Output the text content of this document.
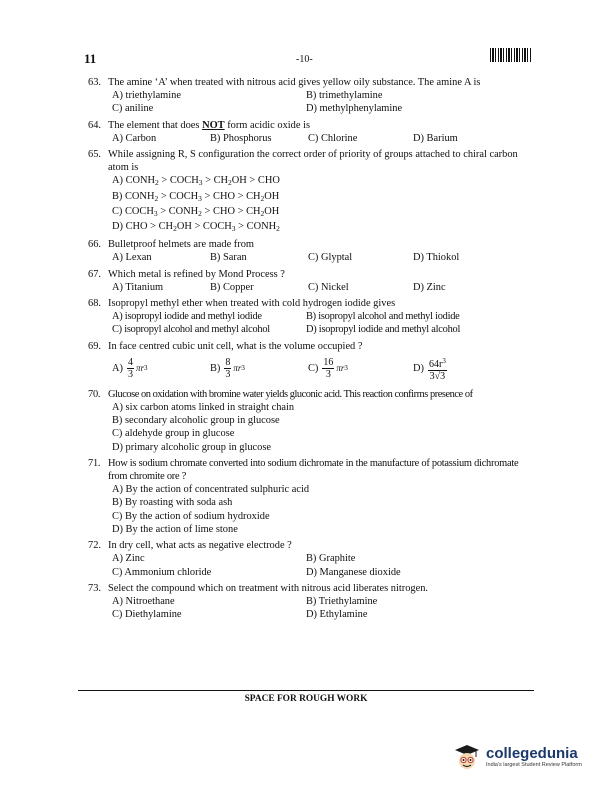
11	-10-
63. The amine ‘A’ when treated with nitrous acid gives yellow oily substance. The amine A is
A) triethylamine	B) trimethylamine
C) aniline	D) methylphenylamine
64. The element that does NOT form acidic oxide is
A) Carbon	B) Phosphorus	C) Chlorine	D) Barium
65. While assigning R, S configuration the correct order of priority of groups attached to chiral carbon atom is
A) $CONH_2$ > $COCH_3 > CH_2OH$ > CHO
B) $CONH_2$ > $COCH_3$ > CHO > $CH_2OH$
C) $COCH_3$ > $CONH_2$ > CHO > $CH_2OH$
D) CHO > $CH_2OH$ > $COCH_3$ > $CONH_2$
66. Bulletproof helmets are made from
A) Lexan	B) Saran	C) Glyptal	D) Thiokol
67. Which metal is refined by Mond Process ?
A) Titanium	B) Copper	C) Nickel	D) Zinc
68. Isopropyl methyl ether when treated with cold hydrogen iodide gives
A) isopropyl iodide and methyl iodide	B) isopropyl alcohol and methyl iodide
C) isopropyl alcohol and methyl alcohol	D) isopropyl iodide and methyl alcohol
69. In face centred cubic unit cell, what is the volume occupied ?
$A) \frac{4}{3}$ πr 3	$B) \frac{8}{3}$ πr 3	$C) \frac{16}{3}$ πr 3	$D) \frac{64r^3}{3√3}$
70. Glucose on oxidation with bromine water yields gluconic acid. This reaction confirms presence of
A) six carbon atoms linked in straight chain
B) secondary alcoholic group in glucose
C) aldehyde group in glucose
D) primary alcoholic group in glucose
71. How is sodium chromate converted into sodium dichromate in the manufacture of potassium dichromate from chromite ore ?
A) By the action of concentrated sulphuric acid
B) By roasting with soda ash
C) By the action of sodium hydroxide
D) By the action of lime stone
72. In dry cell, what acts as negative electrode ?
A) Zinc	B) Graphite
C) Ammonium chloride	D) Manganese dioxide
73. Select the compound which on treatment with nitrous acid liberates nitrogen.
A) Nitroethane	B) Triethylamine
C) Diethylamine	D) Ethylamine
SPACE FOR ROUGH WORK
collegedunia
India's largest Student Review Platform
